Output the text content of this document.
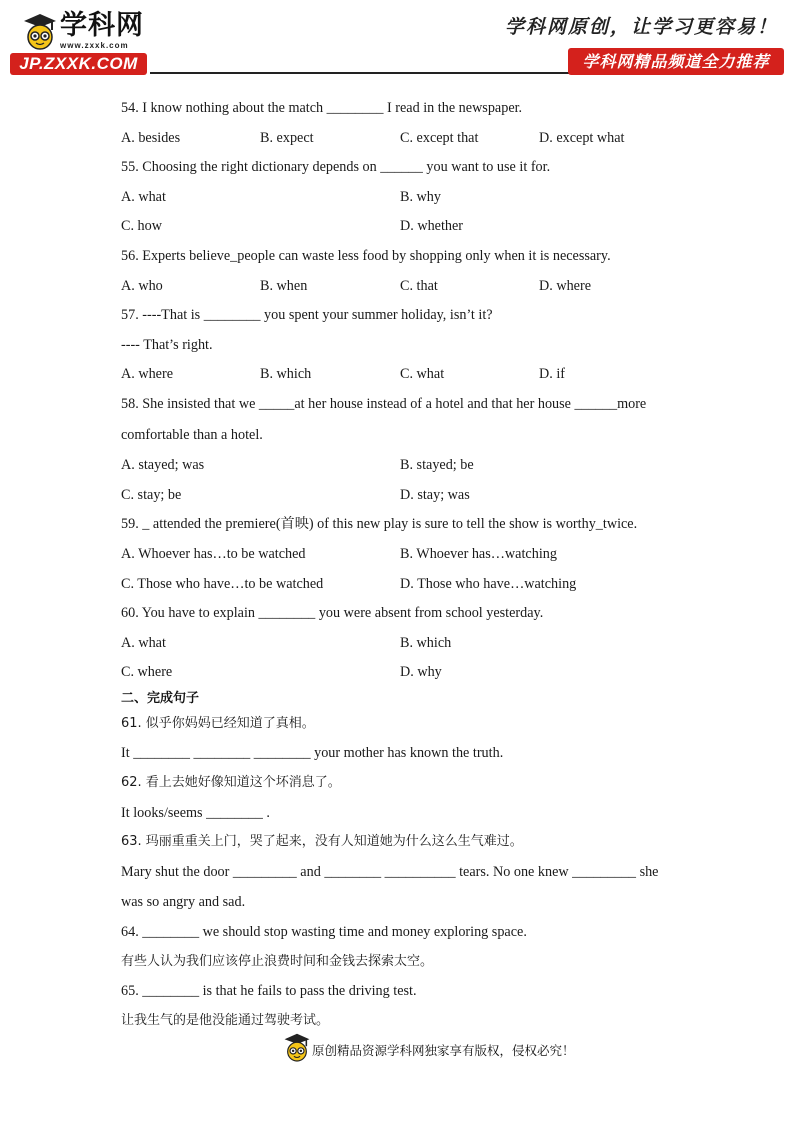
学科网
www.zxxk.com
JP.ZXXK.COM
学科网原创，让学习更容易！
学科网精品频道全力推荐
54. I know nothing about the match ________ I read in the newspaper.
A. besides	B. expect	C. except that	D. except what
55. Choosing the right dictionary depends on ______ you want to use it for.
A. what	B. why
C. how	D. whether
56. Experts believe_people can waste less food by shopping only when it is necessary.
A. who	B. when	C. that	D. where
57. ----That is ________ you spent your summer holiday, isn’t it?
---- That’s right.
A. where	B. which	C. what	D. if
58. She insisted that we _____at her house instead of a hotel and that her house ______more
comfortable than a hotel.
A. stayed; was	B. stayed; be
C. stay; be	D. stay; was
59. _ attended the premiere(首映) of this new play is sure to tell the show is worthy_twice.
A. Whoever has…to be watched	B. Whoever has…watching
C. Those who have…to be watched	D. Those who have…watching
60. You have to explain ________ you were absent from school yesterday.
A. what	B. which
C. where	D. why
二、完成句子
61. 似乎你妈妈已经知道了真相。
It ________ ________ ________ your mother has known the truth.
62. 看上去她好像知道这个坏消息了。
It looks/seems ________ .
63. 玛丽重重关上门，哭了起来，没有人知道她为什么这么生气难过。
Mary shut the door _________ and ________ __________ tears. No one knew _________ she
was so angry and sad.
64. ________ we should stop wasting time and money exploring space.
有些人认为我们应该停止浪费时间和金钱去探索太空。
65. ________ is that he fails to pass the driving test.
让我生气的是他没能通过驾驶考试。
原创精品资源学科网独家享有版权，侵权必究！
